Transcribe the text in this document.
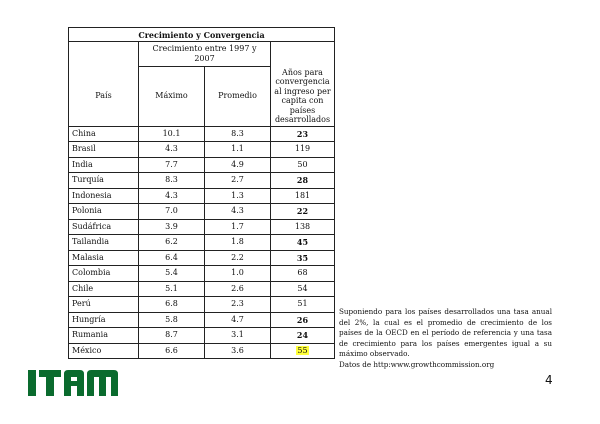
Crecimiento y Convergencia			
	Crecimiento entre 1997 y 2007		
País	Máximo	Promedio	Años para convergencia al ingreso per capita con países desarrollados
China	10.1	8.3	23
Brasil	4.3	1.1	119
India	7.7	4.9	50
Turquía	8.3	2.7	28
Indonesia	4.3	1.3	181
Polonia	7.0	4.3	22
Sudáfrica	3.9	1.7	138
Tailandia	6.2	1.8	45
Malasia	6.4	2.2	35
Colombia	5.4	1.0	68
Chile	5.1	2.6	54
Perú	6.8	2.3	51
Hungría	5.8	4.7	26
Rumania	8.7	3.1	24
México	6.6	3.6	55
Suponiendo para los países desarrollados una tasa anual del 2%, la cual es el promedio de crecimiento de los países de la OECD en el período de referencia y una tasa de crecimiento para los países emergentes igual a su máximo observado.
Datos de http:www.growthcommission.org
4
